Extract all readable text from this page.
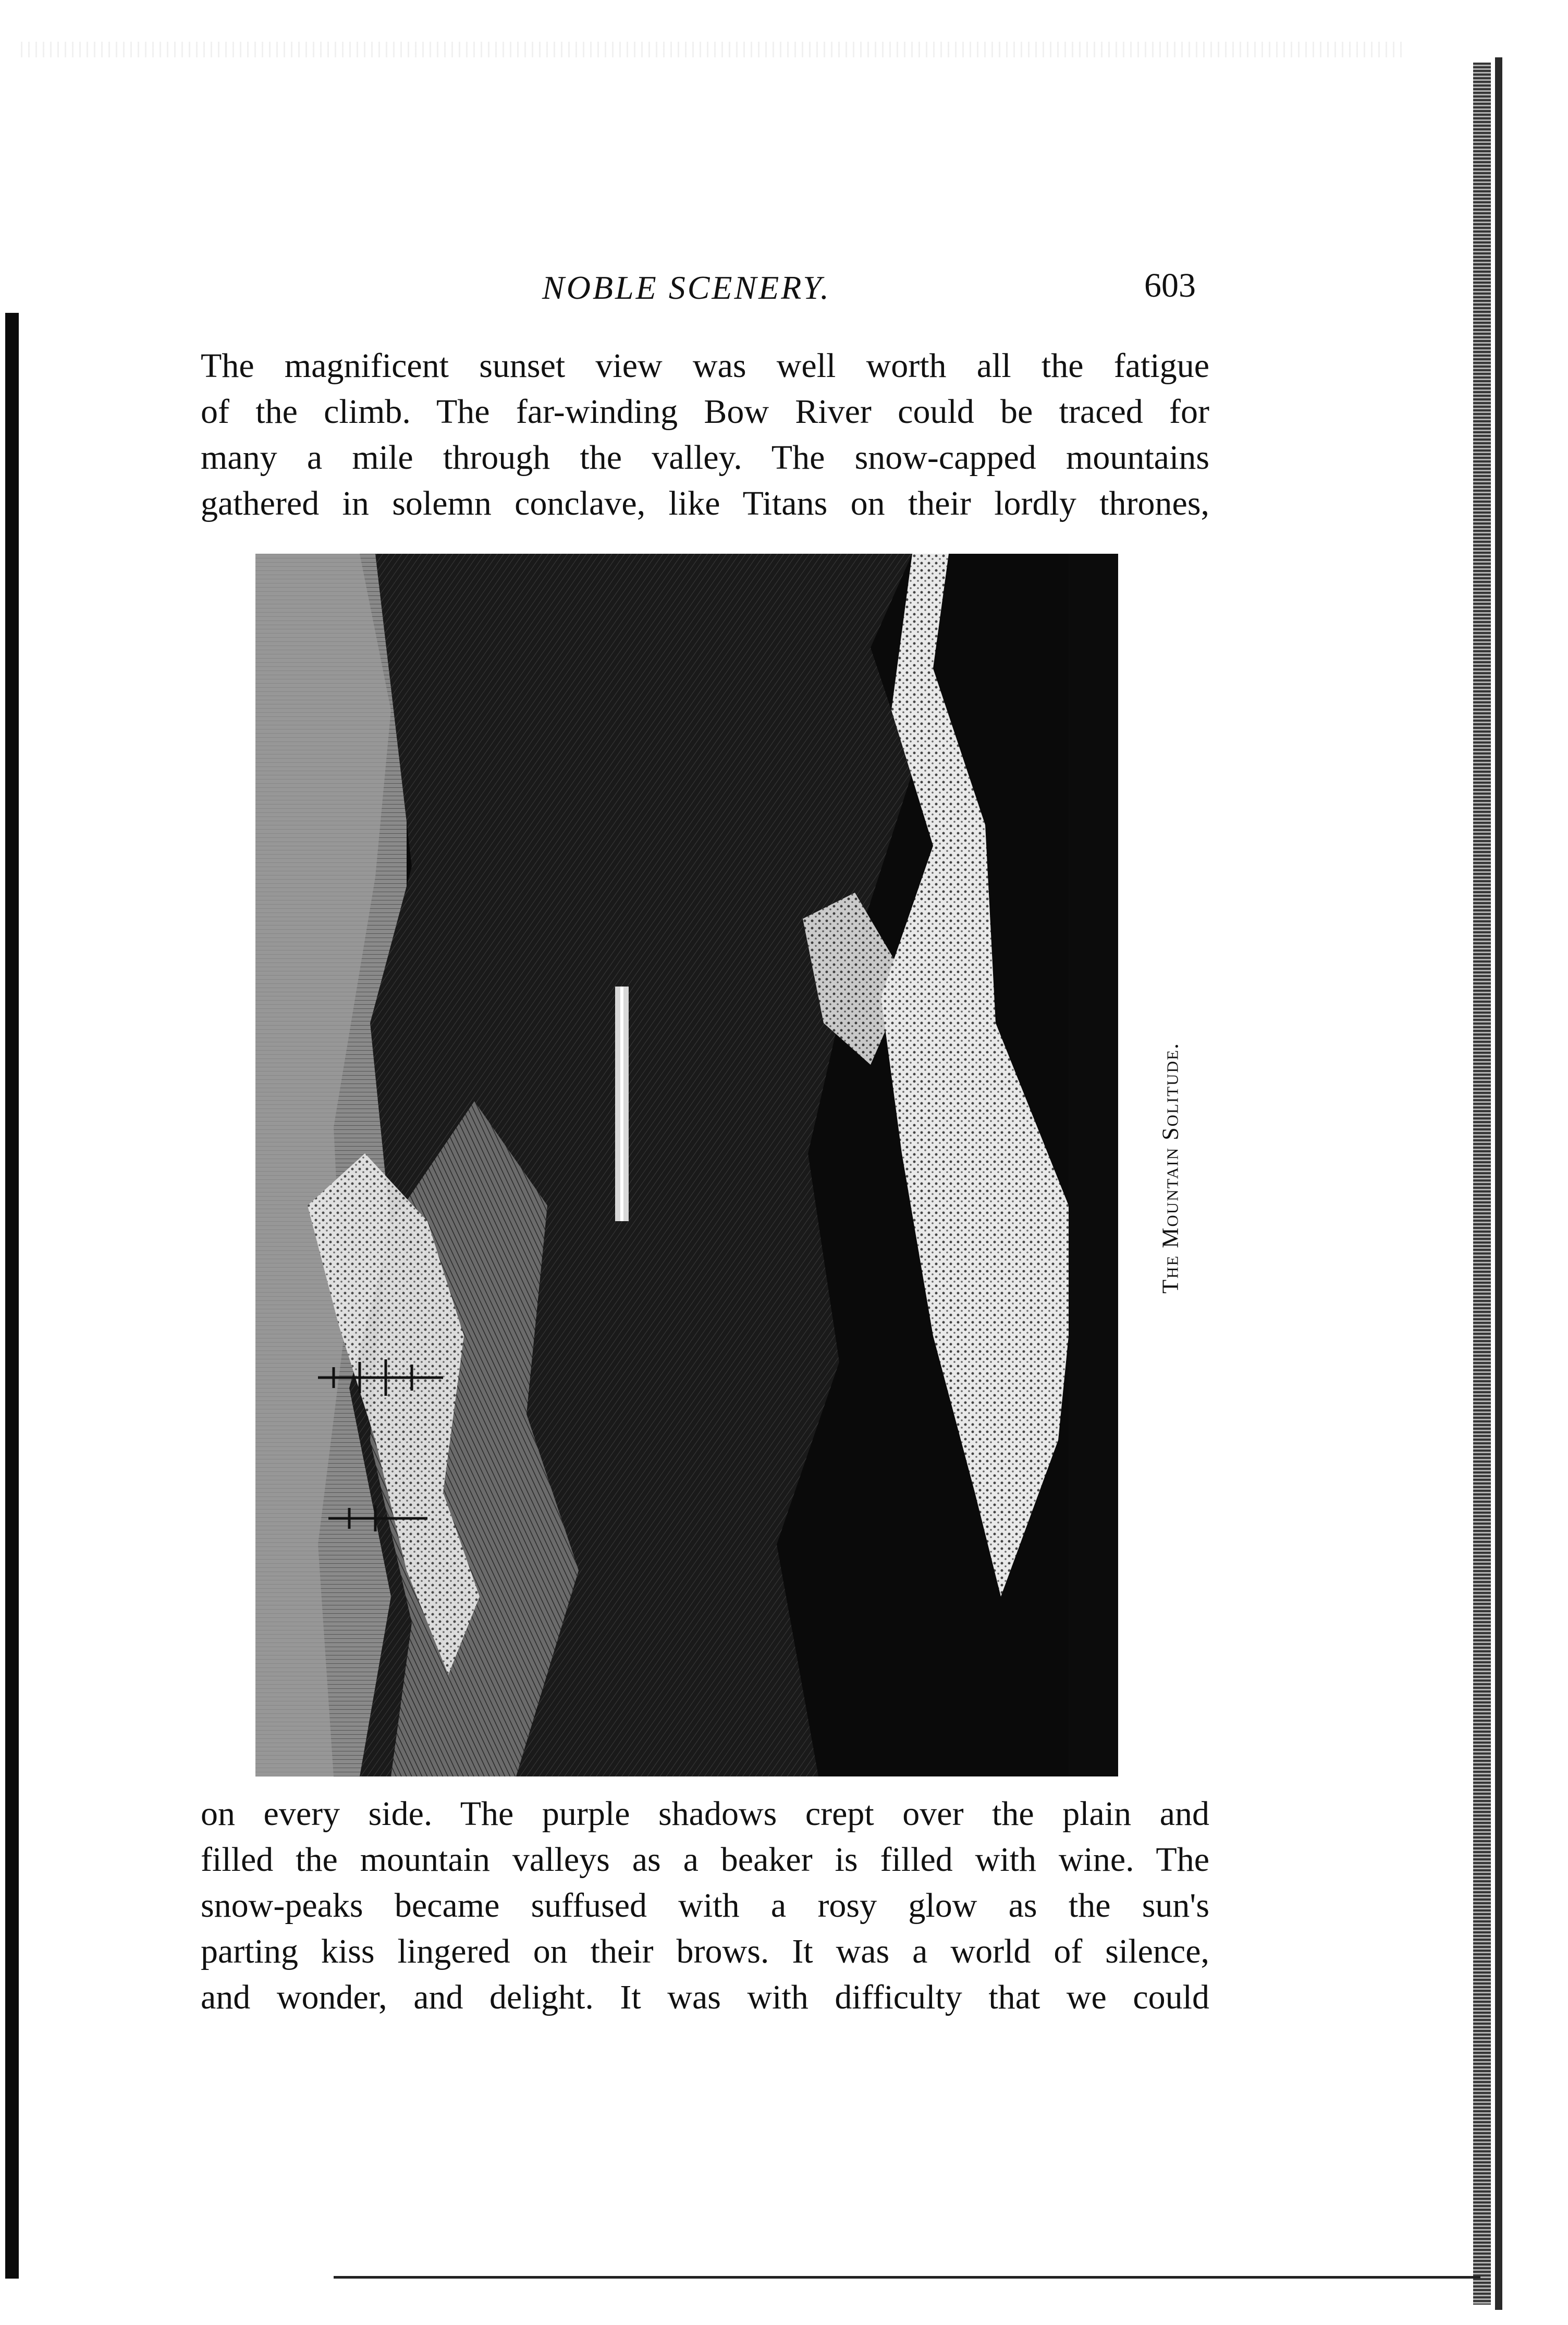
NOBLE SCENERY.	603
The magnificent sunset view was well worth all the fatigue
of the climb. The far-winding Bow River could be traced for
many a mile through the valley. The snow-capped mountains
gathered in solemn conclave, like Titans on their lordly thrones,
The Mountain Solitude.
on every side. The purple shadows crept over the plain and
filled the mountain valleys as a beaker is filled with wine. The
snow-peaks became suffused with a rosy glow as the sun's
parting kiss lingered on their brows. It was a world of silence,
and wonder, and delight. It was with difficulty that we could
